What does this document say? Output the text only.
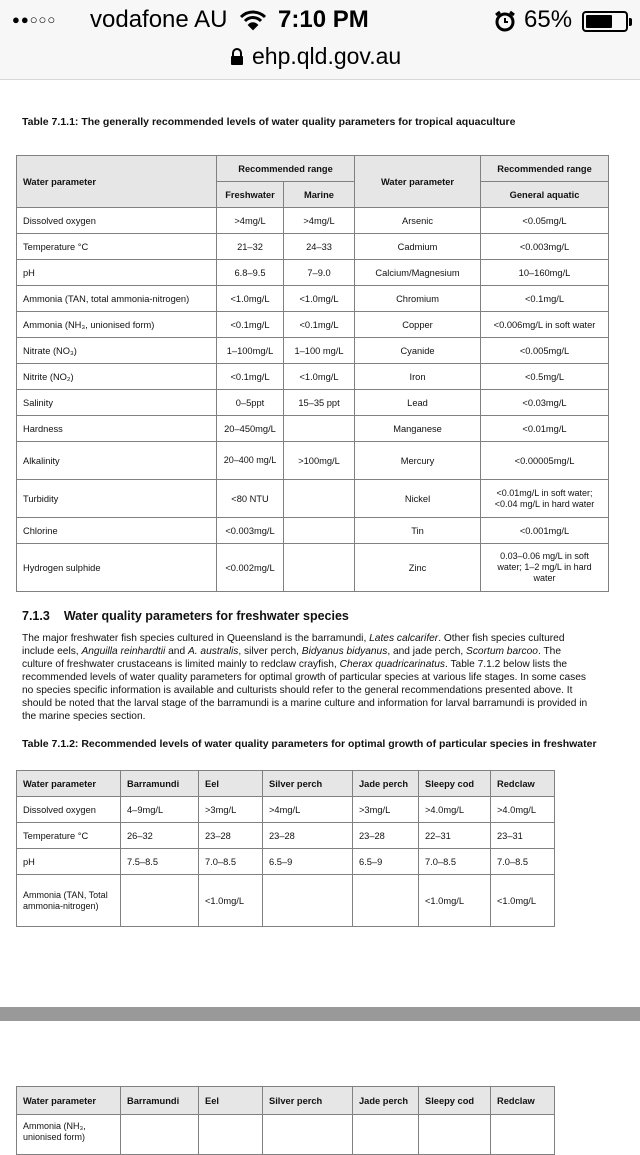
●●○○○ vodafone AU 7:10 PM	65%
ehp.qld.gov.au
Table 7.1.1: The generally recommended levels of water quality parameters for tropical aquaculture
Water parameter	Recommended range		Water parameter	Recommended range
	Freshwater	Marine		General aquatic
Dissolved oxygen	>4mg/L	>4mg/L	Arsenic	<0.05mg/L
Temperature °C	21–32	24–33	Cadmium	<0.003mg/L
pH	6.8–9.5	7–9.0	Calcium/Magnesium	10–160mg/L
Ammonia (TAN, total ammonia-nitrogen)	<1.0mg/L	<1.0mg/L	Chromium	<0.1mg/L
Ammonia (NH₃, unionised form)	<0.1mg/L	<0.1mg/L	Copper	<0.006mg/L in soft water
Nitrate (NO₃)	1–100mg/L	1–100 mg/L	Cyanide	<0.005mg/L
Nitrite (NO₂)	<0.1mg/L	<1.0mg/L	Iron	<0.5mg/L
Salinity	0–5ppt	15–35 ppt	Lead	<0.03mg/L
Hardness	20–450mg/L		Manganese	<0.01mg/L
Alkalinity	20–400 mg/L	>100mg/L	Mercury	<0.00005mg/L
Turbidity	<80 NTU		Nickel	<0.01mg/L in soft water; <0.04 mg/L in hard water
Chlorine	<0.003mg/L		Tin	<0.001mg/L
Hydrogen sulphide	<0.002mg/L		Zinc	0.03–0.06 mg/L in soft water; 1–2 mg/L in hard water
7.1.3 Water quality parameters for freshwater species

The major freshwater fish species cultured in Queensland is the barramundi, Lates calcarifer. Other fish species cultured include eels, Anguilla reinhardtii and A. australis, silver perch, Bidyanus bidyanus, and jade perch, Scortum barcoo. The culture of freshwater crustaceans is limited mainly to redclaw crayfish, Cherax quadricarinatus. Table 7.1.2 below lists the recommended levels of water quality parameters for optimal growth of particular species at various life stages. In some cases no species specific information is available and culturists should refer to the general recommendations presented above. It should be noted that the larval stage of the barramundi is a marine culture and information for larval barramundi is provided in the marine species section.

Table 7.1.2: Recommended levels of water quality parameters for optimal growth of particular species in freshwater
Water parameter	Barramundi	Eel	Silver perch	Jade perch	Sleepy cod	Redclaw
Dissolved oxygen	4–9mg/L	>3mg/L	>4mg/L	>3mg/L	>4.0mg/L	>4.0mg/L
Temperature °C	26–32	23–28	23–28	23–28	22–31	23–31
pH	7.5–8.5	7.0–8.5	6.5–9	6.5–9	7.0–8.5	7.0–8.5
Ammonia (TAN, Total ammonia-nitrogen)		<1.0mg/L			<1.0mg/L	<1.0mg/L
Water parameter	Barramundi	Eel	Silver perch	Jade perch	Sleepy cod	Redclaw
Ammonia (NH₃, unionised form)						
